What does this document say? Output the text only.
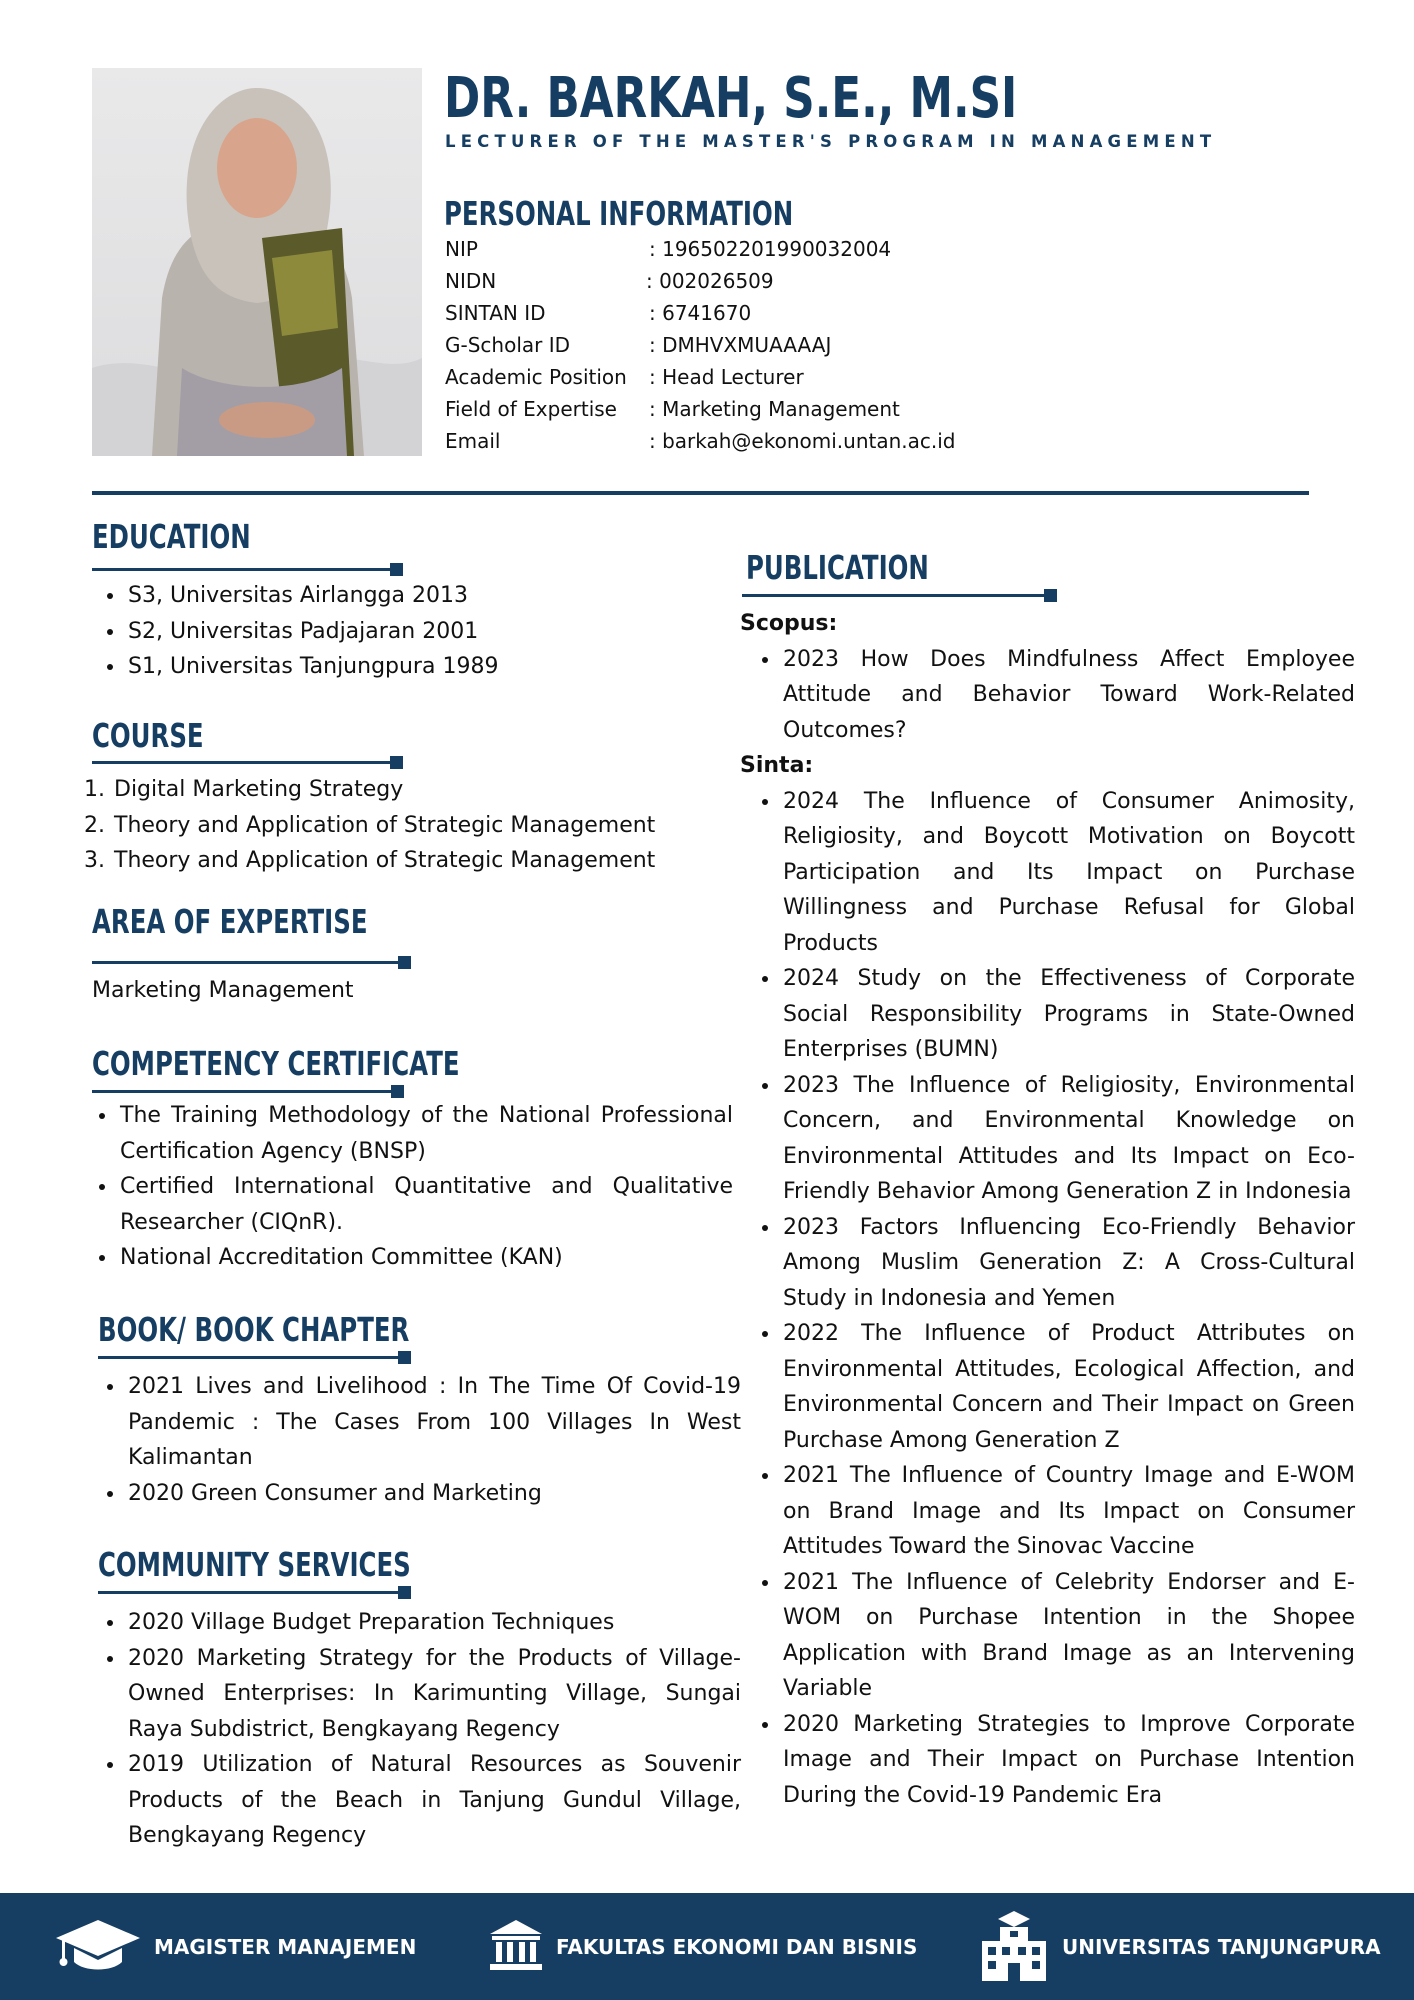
DR. BARKAH, S.E., M.SI
LECTURER OF THE MASTER'S PROGRAM IN MANAGEMENT
PERSONAL INFORMATION
NIP	: 196502201990032004
NIDN	: 002026509
SINTAN ID	: 6741670
G-Scholar ID	: DMHVXMUAAAAJ
Academic Position	: Head Lecturer
Field of Expertise	: Marketing Management
Email	: barkah@ekonomi.untan.ac.id
EDUCATION
• S3, Universitas Airlangga 2013
• S2, Universitas Padjajaran 2001
• S1, Universitas Tanjungpura 1989
COURSE
1. Digital Marketing Strategy
2. Theory and Application of Strategic Management
3. Theory and Application of Strategic Management
AREA OF EXPERTISE
Marketing Management
COMPETENCY CERTIFICATE
• The Training Methodology of the National Professional Certification Agency (BNSP)
• Certified International Quantitative and Qualitative Researcher (CIQnR).
• National Accreditation Committee (KAN)
BOOK/ BOOK CHAPTER
• 2021 Lives and Livelihood : In The Time Of Covid-19 Pandemic : The Cases From 100 Villages In West Kalimantan
• 2020 Green Consumer and Marketing
COMMUNITY SERVICES
• 2020 Village Budget Preparation Techniques
• 2020 Marketing Strategy for the Products of Village-Owned Enterprises: In Karimunting Village, Sungai Raya Subdistrict, Bengkayang Regency
• 2019 Utilization of Natural Resources as Souvenir Products of the Beach in Tanjung Gundul Village, Bengkayang Regency
PUBLICATION
Scopus:
• 2023 How Does Mindfulness Affect Employee Attitude and Behavior Toward Work-Related Outcomes?
Sinta:
• 2024 The Influence of Consumer Animosity, Religiosity, and Boycott Motivation on Boycott Participation and Its Impact on Purchase Willingness and Purchase Refusal for Global Products
• 2024 Study on the Effectiveness of Corporate Social Responsibility Programs in State-Owned Enterprises (BUMN)
• 2023 The Influence of Religiosity, Environmental Concern, and Environmental Knowledge on Environmental Attitudes and Its Impact on Eco-Friendly Behavior Among Generation Z in Indonesia
• 2023 Factors Influencing Eco-Friendly Behavior Among Muslim Generation Z: A Cross-Cultural Study in Indonesia and Yemen
• 2022 The Influence of Product Attributes on Environmental Attitudes, Ecological Affection, and Environmental Concern and Their Impact on Green Purchase Among Generation Z
• 2021 The Influence of Country Image and E-WOM on Brand Image and Its Impact on Consumer Attitudes Toward the Sinovac Vaccine
• 2021 The Influence of Celebrity Endorser and E-WOM on Purchase Intention in the Shopee Application with Brand Image as an Intervening Variable
• 2020 Marketing Strategies to Improve Corporate Image and Their Impact on Purchase Intention During the Covid-19 Pandemic Era
MAGISTER MANAJEMEN	FAKULTAS EKONOMI DAN BISNIS	UNIVERSITAS TANJUNGPURA
